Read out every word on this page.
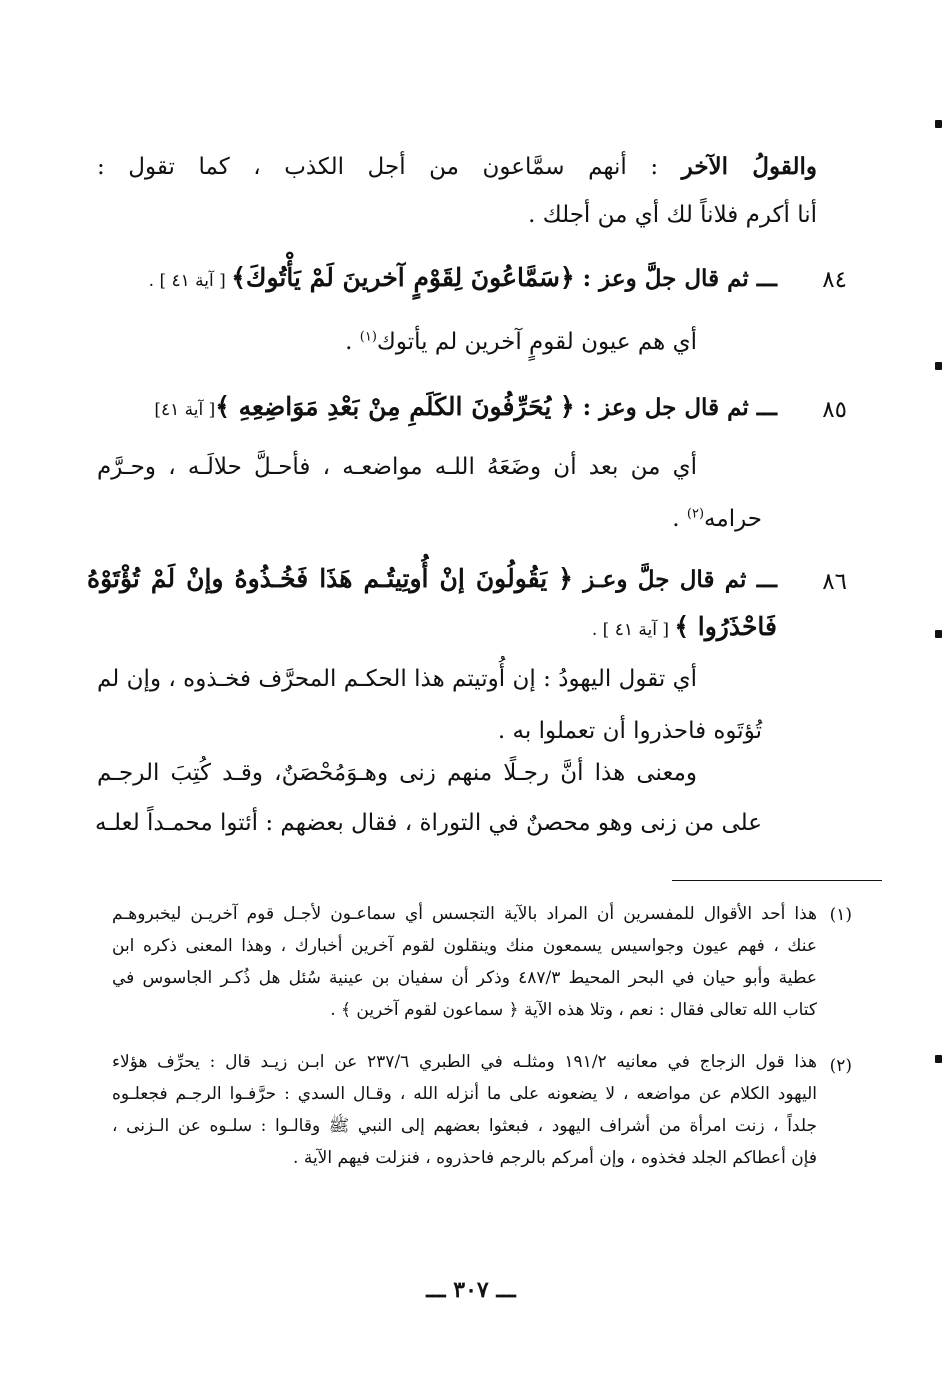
والقولُ الآخر : أنهم سمَّاعون من أجل الكذب ، كما تقول :
أنا أكرم فلاناً لك أي من أجلك .
٨٤
ـــ ثم قال جلَّ وعز : ﴿سَمَّاعُونَ لِقَوْمٍ آخرينَ لَمْ يَأْتُوكَ﴾ [ آية ٤١ ] .
أي هم عيون لقومٍ آخرين لم يأتوك$^{(١)}$ .
٨٥
ـــ ثم قال جل وعز : ﴿ يُحَرِّفُونَ الكَلَمِ مِنْ بَعْدِ مَوَاضِعِهِ ﴾[ آية ٤١]
أي من بعد أن وضَعَهُ اللـه مواضعـه ، فأحـلَّ حلالَـه ، وحـرَّم
حرامه$^{(٢)}$ .
٨٦
ـــ ثم قال جلَّ وعـز ﴿ يَقُولُونَ إنْ أُوتِيتُـم هَذَا فَخُـذُوهُ وإنْ لَمْ تُؤْتَوْهُ
فَاحْذَرُوا ﴾ [ آية ٤١ ] .
أي تقول اليهودُ : إن أُوتيتم هذا الحكـم المحرَّف فخـذوه ، وإن لم
تُؤتَوه فاحذروا أن تعملوا به .
ومعنى هذا أنَّ رجـلًا منهم زنى وهـوَمُحْصَنٌ، وقـد كُتِبَ الرجـم
على من زنى وهو محصنٌ في التوراة ، فقال بعضهم : أئتوا محمـداً لعلـه
(١)
هذا أحد الأقوال للمفسرين أن المراد بالآية التجسس أي سماعـون لأجـل قوم آخريـن ليخبروهـم
عنك ، فهم عيون وجواسيس يسمعون منك وينقلون لقوم آخرين أخبارك ، وهذا المعنى ذكره ابن
عطية وأبو حيان في البحر المحيط ٤٨٧/٣ وذكر أن سفيان بن عينية سُئل هل ذُكـر الجاسوس في
كتاب الله تعالى فقال : نعم ، وتلا هذه الآية ﴿ سماعون لقوم آخرين ﴾ .
(٢)
هذا قول الزجاج في معانيه ١٩١/٢ ومثلـه في الطبري ٢٣٧/٦ عن ابـن زيـد قال : يحرِّف هؤلاء
اليهود الكلام عن مواضعه ، لا يضعونه على ما أنزله الله ، وقـال السدي : حرَّفـوا الرجـم فجعلـوه
جلداً ، زنت امرأة من أشراف اليهود ، فبعثوا بعضهم إلى النبي ﷺ وقالـوا : سلـوه عن الـزنى ،
فإن أعطاكم الجلد فخذوه ، وإن أمركم بالرجم فاحذروه ، فنزلت فيهم الآية .
ـــ ٣٠٧ ـــ
